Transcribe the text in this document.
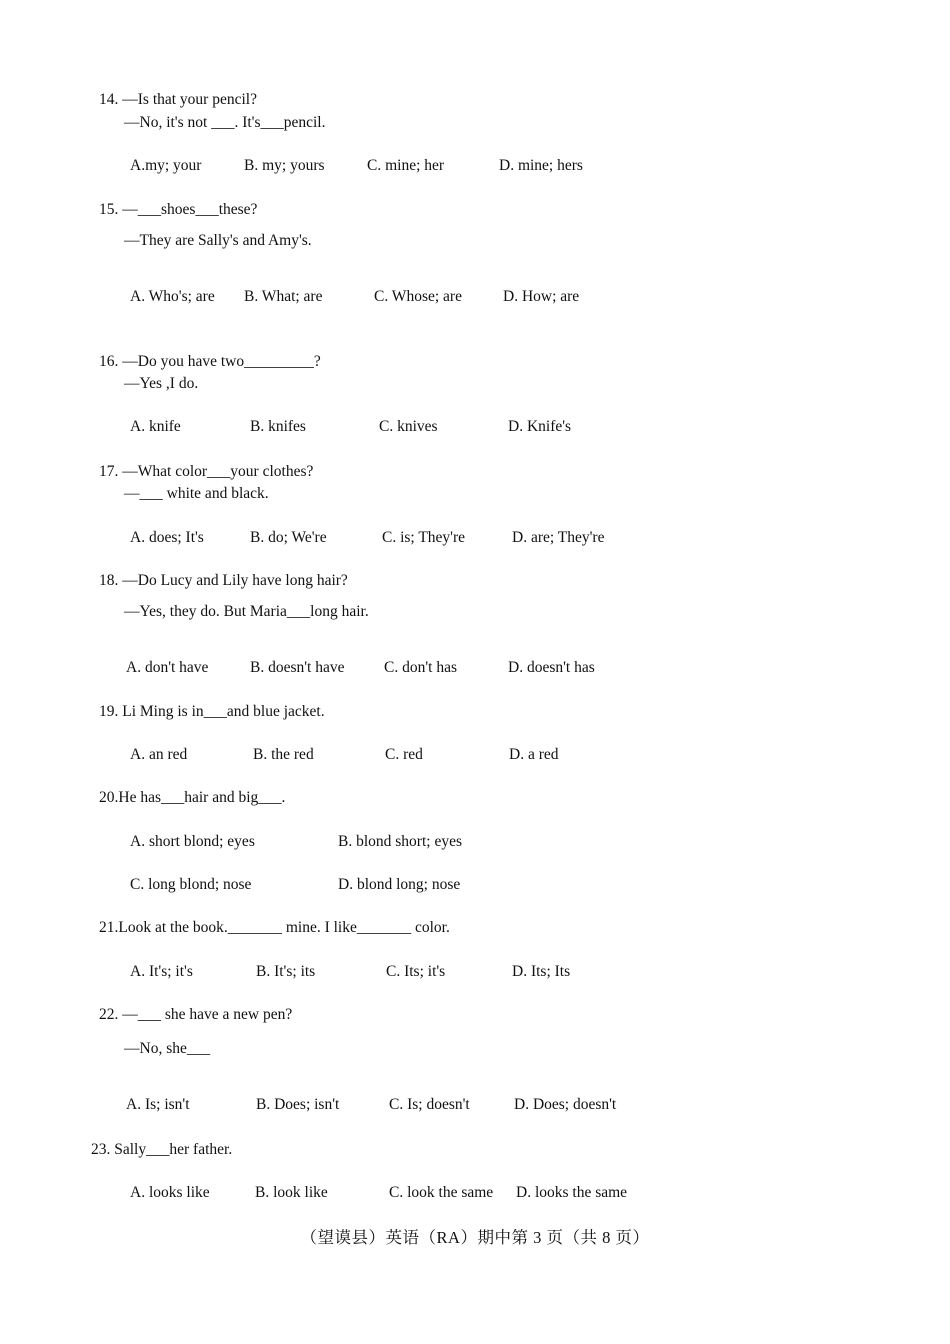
14. —Is that your pencil?
—No, it's not ___. It's___pencil.
A.my; your	B. my; yours	C. mine; her	D. mine; hers
15. —___shoes___these?
—They are Sally's and Amy's.
A. Who's; are B. What; are	C. Whose; are	D. How; are
16. —Do you have two_________?
—Yes ,I do.
A. knife	B. knifes	C. knives	D. Knife's
17. —What color___your clothes?
—___ white and black.
A. does; It's	B. do; We're	C. is; They're	D. are; They're
18. —Do Lucy and Lily have long hair?
—Yes, they do. But Maria___long hair.
A. don't have	B. doesn't have	C. don't has	D. doesn't has
19. Li Ming is in___and blue jacket.
A. an red	B. the red	C. red	D. a red
20.He has___hair and big___.
A. short blond; eyes	B. blond short; eyes
C. long blond; nose	D. blond long; nose
21.Look at the book._______ mine. I like_______ color.
A. It's; it's	B. It's; its	C. Its; it's	D. Its; Its
22. —___ she have a new pen?
—No, she___
A. Is; isn't	B. Does; isn't	C. Is; doesn't	D. Does; doesn't
23. Sally___her father.
A. looks like	B. look like	C. look the same D. looks the same
（望谟县）英语（RA）期中第 3 页（共 8 页）
